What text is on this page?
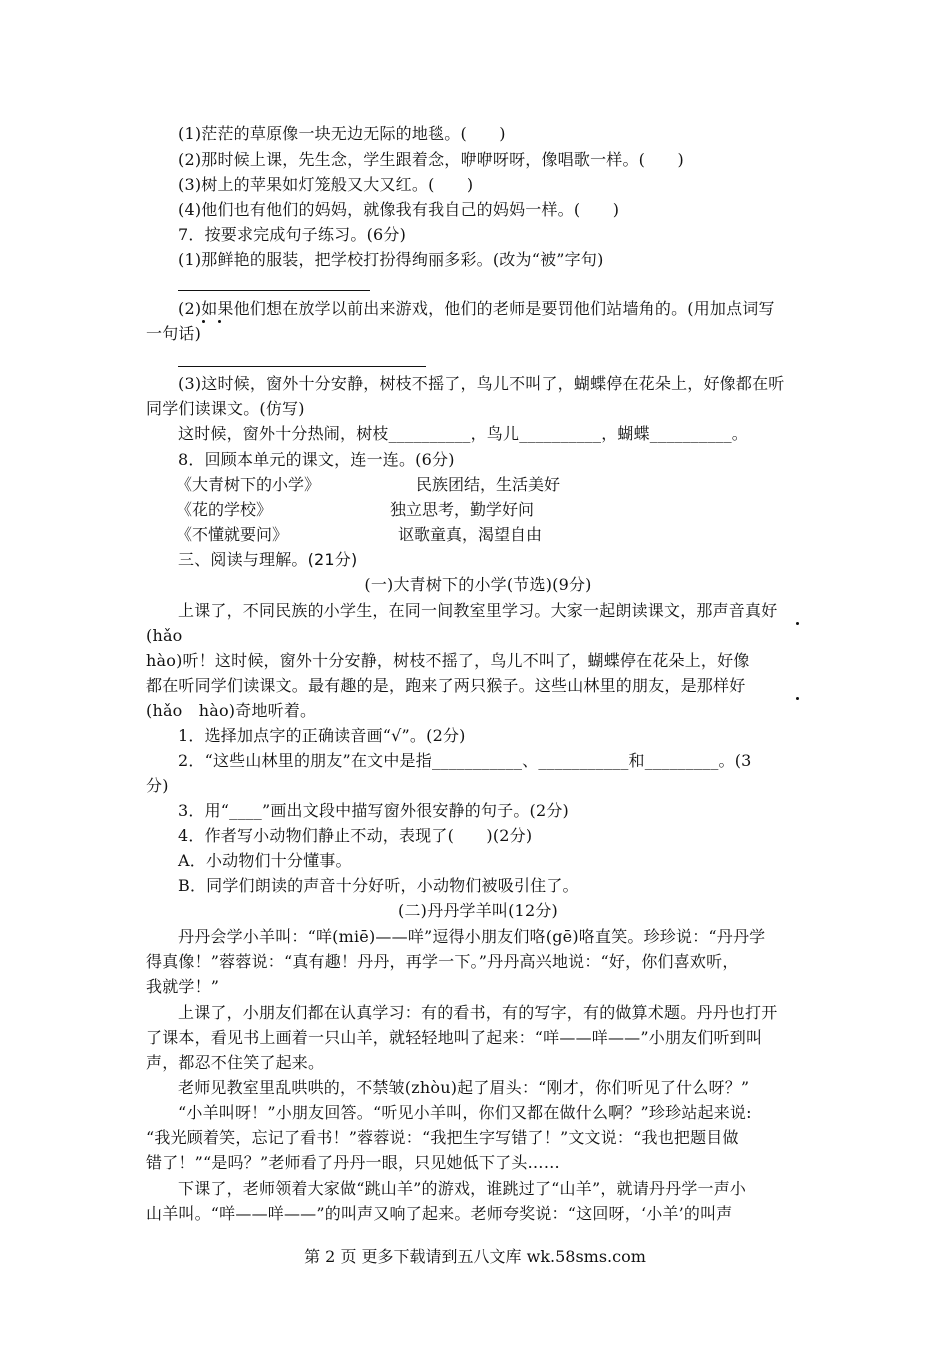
(1)茫茫的草原像一块无边无际的地毯。(　　)
(2)那时候上课，先生念，学生跟着念，咿咿呀呀，像唱歌一样。(　　)
(3)树上的苹果如灯笼般又大又红。(　　)
(4)他们也有他们的妈妈，就像我有我自己的妈妈一样。(　　)
7．按要求完成句子练习。(6分)
(1)那鲜艳的服装，把学校打扮得绚丽多彩。(改为“被”字句)
(2)如果他们想在放学以前出来游戏，他们的老师是要罚他们站墙角的。(用加点词写
一句话)
(3)这时候，窗外十分安静，树枝不摇了，鸟儿不叫了，蝴蝶停在花朵上，好像都在听
同学们读课文。(仿写)
这时候，窗外十分热闹，树枝__________，鸟儿__________，蝴蝶__________。
8．回顾本单元的课文，连一连。(6分)
《大青树下的小学》	民族团结，生活美好
《花的学校》	独立思考，勤学好问
《不懂就要问》	讴歌童真，渴望自由
三、阅读与理解。(21分)
(一)大青树下的小学(节选)(9分)
上课了，不同民族的小学生，在同一间教室里学习。大家一起朗读课文，那声音真好
(hǎo
hào)听！这时候，窗外十分安静，树枝不摇了，鸟儿不叫了，蝴蝶停在花朵上，好像
都在听同学们读课文。最有趣的是，跑来了两只猴子。这些山林里的朋友，是那样好
(hǎo　hào)奇地听着。
1．选择加点字的正确读音画“√”。(2分)
2．“这些山林里的朋友”在文中是指___________、___________和_________。(3
分)
3．用“____”画出文段中描写窗外很安静的句子。(2分)
4．作者写小动物们静止不动，表现了(　　)(2分)
A．小动物们十分懂事。
B．同学们朗读的声音十分好听，小动物们被吸引住了。
(二)丹丹学羊叫(12分)
丹丹会学小羊叫：“咩(miē)——咩”逗得小朋友们咯(gē)咯直笑。珍珍说：“丹丹学
得真像！”蓉蓉说：“真有趣！丹丹，再学一下。”丹丹高兴地说：“好，你们喜欢听，
我就学！”
上课了，小朋友们都在认真学习：有的看书，有的写字，有的做算术题。丹丹也打开
了课本，看见书上画着一只山羊，就轻轻地叫了起来：“咩——咩——”小朋友们听到叫
声，都忍不住笑了起来。
老师见教室里乱哄哄的，不禁皱(zhòu)起了眉头：“刚才，你们听见了什么呀？”
“小羊叫呀！”小朋友回答。“听见小羊叫，你们又都在做什么啊？”珍珍站起来说:
“我光顾着笑，忘记了看书！”蓉蓉说：“我把生字写错了！”文文说：“我也把题目做
错了！”“是吗？”老师看了丹丹一眼，只见她低下了头……
下课了，老师领着大家做“跳山羊”的游戏，谁跳过了“山羊”，就请丹丹学一声小
山羊叫。“咩——咩——”的叫声又响了起来。老师夸奖说：“这回呀，‘小羊’的叫声
第 2 页 更多下载请到五八文库 wk.58sms.com
